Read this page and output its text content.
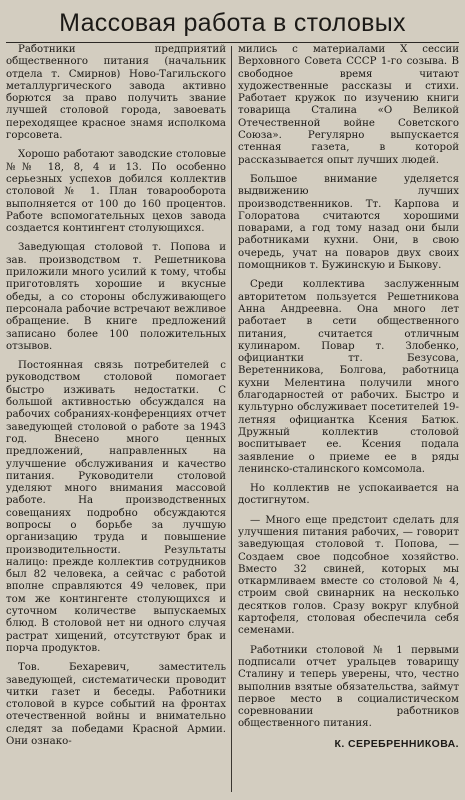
Массовая работа в столовых

Работники предприятий общественного питания (начальник отдела т. Смирнов) Ново-Тагильского металлургического завода активно борются за право получить звание лучшей столовой города, завоевать переходящее красное знамя исполкома горсовета.

Хорошо работают заводские столовые №№ 18, 8, 4 и 13. По особенно серьезных успехов добился коллектив столовой № 1. План товарооборота выполняется от 100 до 160 процентов. Работе вспомогательных цехов завода создается контингент столующихся.

Заведующая столовой т. Попова и зав. производством т. Решетникова приложили много усилий к тому, чтобы приготовлять хорошие и вкусные обеды, а со стороны обслуживающего персонала рабочие встречают вежливое обращение. В книге предложений записано более 100 положительных отзывов.

Постоянная связь потребителей с руководством столовой помогает быстро изживать недостатки. С большой активностью обсуждался на рабочих собраниях-конференциях отчет заведующей столовой о работе за 1943 год. Внесено много ценных предложений, направленных на улучшение обслуживания и качество питания. Руководители столовой уделяют много внимания массовой работе. На производственных совещаниях подробно обсуждаются вопросы о борьбе за лучшую организацию труда и повышение производительности. Результаты налицо: прежде коллектив сотрудников был 82 человека, а сейчас с работой вполне справляются 49 человек, при том же контингенте столующихся и суточном количестве выпускаемых блюд. В столовой нет ни одного случая растрат хищений, отсутствуют брак и порча продуктов.

Тов. Бехаревич, заместитель заведующей, систематически проводит читки газет и беседы. Работники столовой в курсе событий на фронтах отечественной войны и внимательно следят за победами Красной Армии. Они ознако-

мились с материалами X сессии Верховного Совета СССР 1-го созыва. В свободное время читают художественные рассказы и стихи. Работает кружок по изучению книги товарища Сталина «О Великой Отечественной войне Советского Союза». Регулярно выпускается стенная газета, в которой рассказывается опыт лучших людей.

Большое внимание уделяется выдвижению лучших производственников. Тт. Карпова и Голоратова считаются хорошими поварами, а год тому назад они были работниками кухни. Они, в свою очередь, учат на поваров двух своих помощников т. Бужинскую и Быкову.

Среди коллектива заслуженным авторитетом пользуется Решетникова Анна Андреевна. Она много лет работает в сети общественного питания, считается отличным кулинаром. Повар т. Злобенко, официантки тт. Безусова, Веретенникова, Болгова, работница кухни Мелентина получили много благодарностей от рабочих. Быстро и культурно обслуживает посетителей 19-летняя официантка Ксения Батюк. Дружный коллектив столовой воспитывает ее. Ксения подала заявление о приеме ее в ряды ленинско-сталинского комсомола.

Но коллектив не успокаивается на достигнутом.

— Много еще предстоит сделать для улучшения питания рабочих, — говорит заведующая столовой т. Попова, — Создаем свое подсобное хозяйство. Вместо 32 свиней, которых мы откармливаем вместе со столовой № 4, строим свой свинарник на несколько десятков голов. Сразу вокруг клубной картофеля, столовая обеспечила себя семенами.

Работники столовой № 1 первыми подписали отчет уральцев товарищу Сталину и теперь уверены, что, честно выполнив взятые обязательства, займут первое место в социалистическом соревновании работников общественного питания.

К. СЕРЕБРЕННИКОВА.
